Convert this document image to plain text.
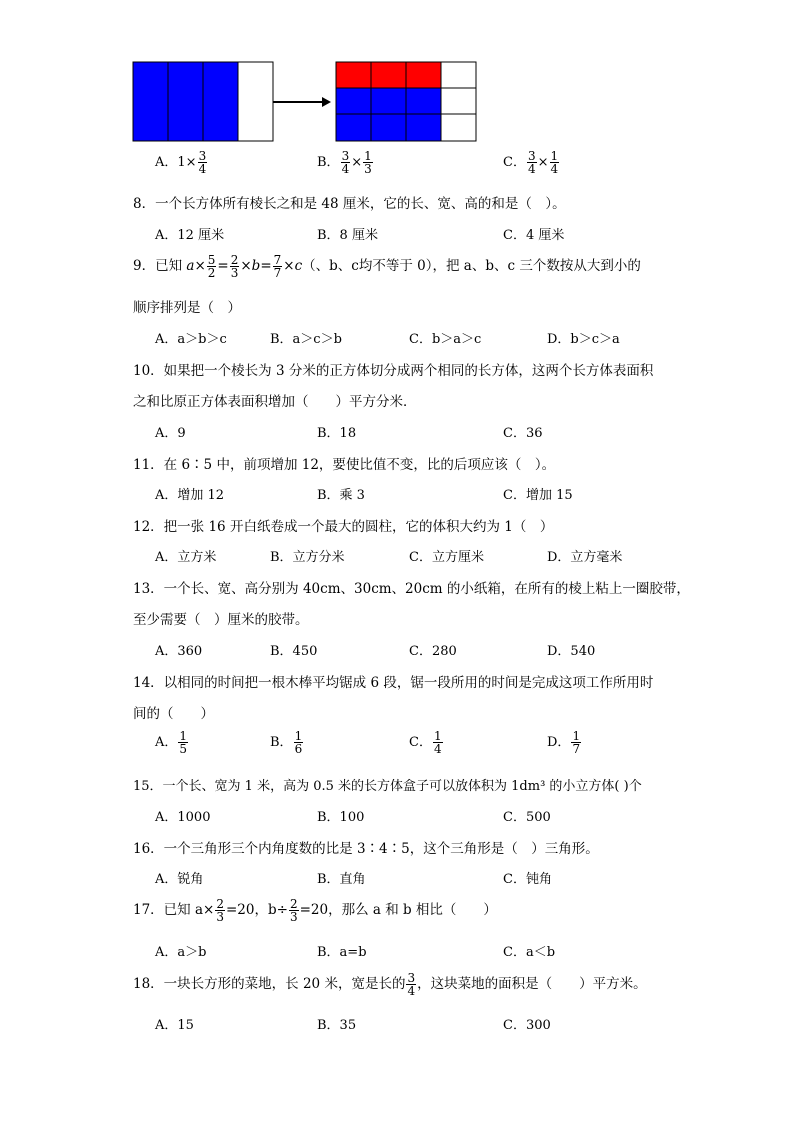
A．$1\times \frac{3}{4}$	B． $\frac{3}{4} \times \frac{1}{3}$	C． $\frac{3}{4} \times \frac{1}{4}$
8．一个长方体所有棱长之和是 48 厘米，它的长、宽、高的和是（　）。
A．12 厘米	B．8 厘米	C．4 厘米
9．已知 $a\times \frac{5}{2} = \frac{2}{3} \times b= \frac{7}{7} \times c$（、b、c均不等于 0），把 a、b、c 三个数按从大到小的
顺序排列是（　）
A．a＞b＞c	B．a＞c＞b	C．b＞a＞c	D．b＞c＞a
10．如果把一个棱长为 3 分米的正方体切分成两个相同的长方体，这两个长方体表面积
之和比原正方体表面积增加（　　）平方分米．
A．9	B．18	C．36
11．在 6∶5 中，前项增加 12，要使比值不变，比的后项应该（　）。
A．增加 12	B．乘 3	C．增加 15
12．把一张 16 开白纸卷成一个最大的圆柱，它的体积大约为 1（　）
A．立方米	B．立方分米	C．立方厘米	D．立方毫米
13．一个长、宽、高分别为 40cm、30cm、20cm 的小纸箱，在所有的棱上粘上一圈胶带，
至少需要（　）厘米的胶带。
A．360	B．450	C．280	D．540
14．以相同的时间把一根木棒平均锯成 6 段，锯一段所用的时间是完成这项工作所用时
间的（　　）
A． $\frac{1}{5}$	B． $\frac{1}{6}$	C． $\frac{1}{4}$	D． $\frac{1}{7}$
15．一个长、宽为 1 米，高为 0.5 米的长方体盒子可以放体积为 1dm³ 的小立方体( )个
A．1000	B．100	C．500
16．一个三角形三个内角度数的比是 3∶4∶5，这个三角形是（　）三角形。
A．锐角	B．直角	C．钝角
17．已知 $a\times \frac{2}{3} =20$，$b\div \frac{2}{3} =20$，那么 a 和 b 相比（　　）
A．a＞b	B．a=b	C．a＜b
18．一块长方形的菜地，长 20 米，宽是长的 $\frac{3}{4}$ ，这块菜地的面积是（　　）平方米。
A．15	B．35	C．300
